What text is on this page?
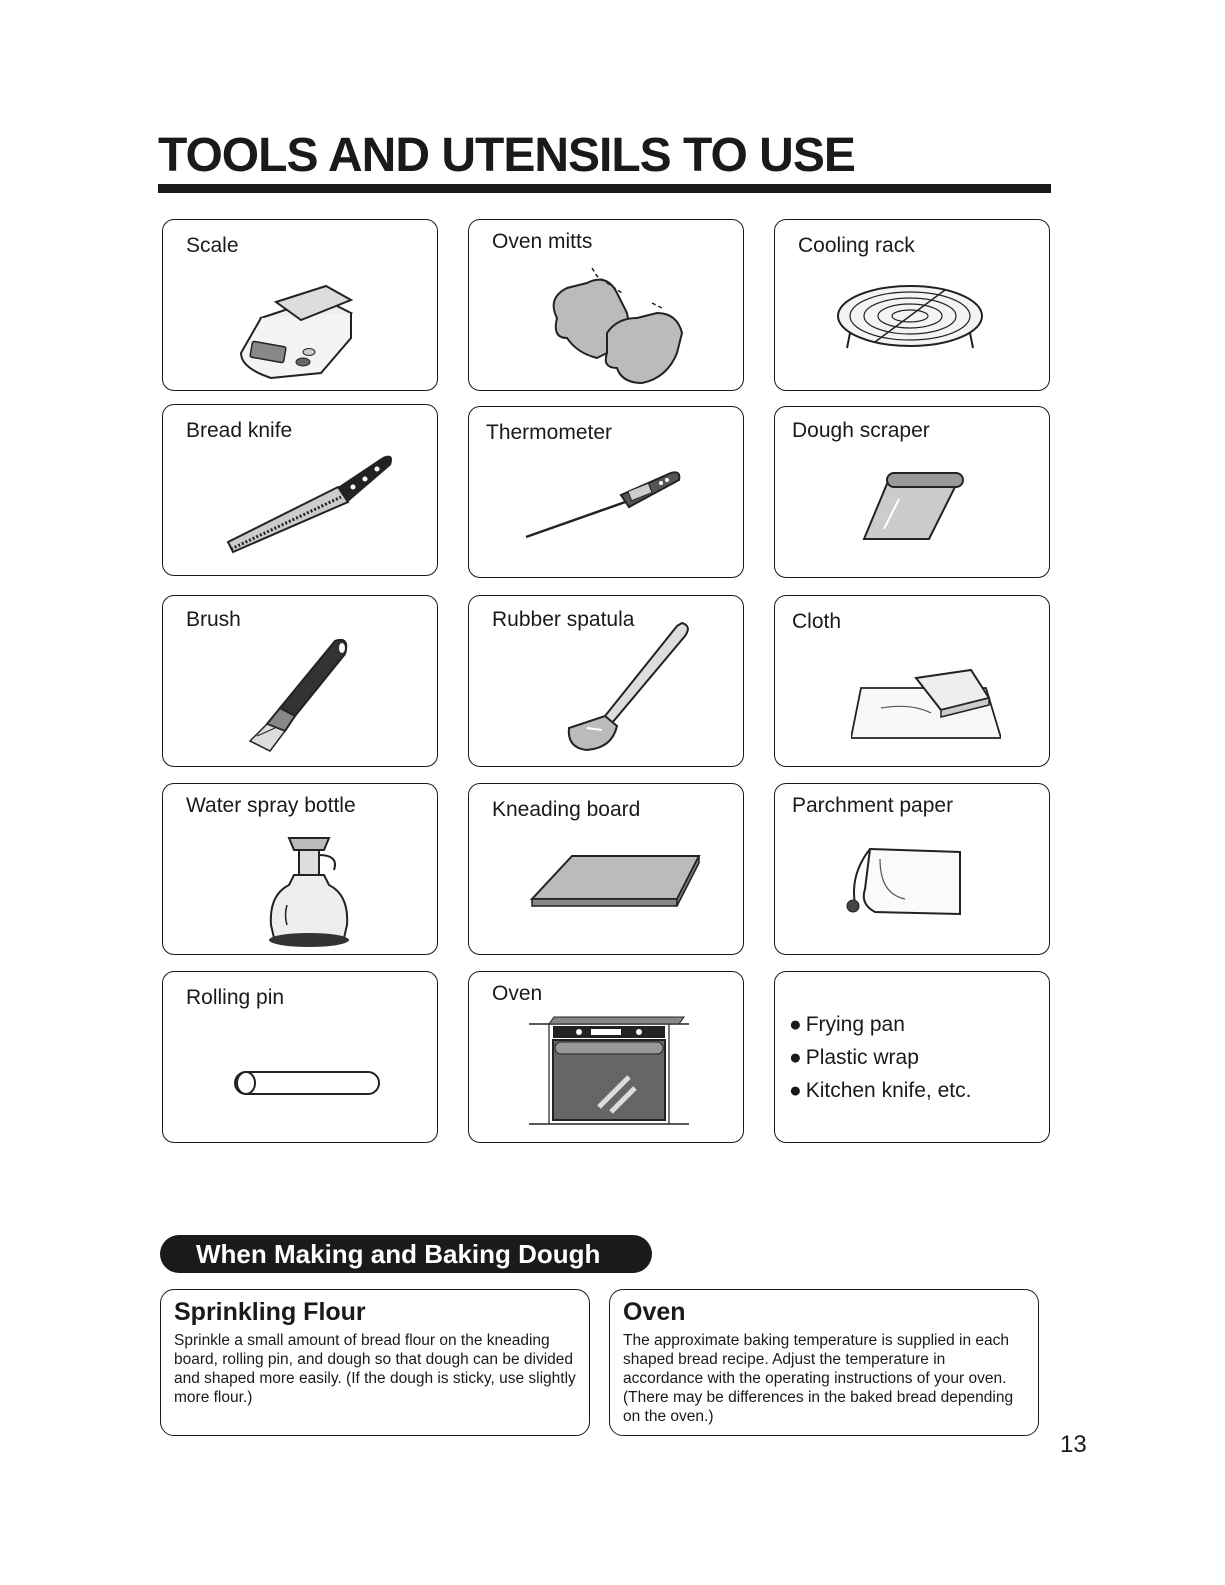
TOOLS AND UTENSILS TO USE

Scale	Oven mitts	Cooling rack

Bread knife	Thermometer	Dough scraper

Brush	Rubber spatula	Cloth

Water spray bottle	Kneading board	Parchment paper

Rolling pin	Oven

● Frying pan
● Plastic wrap
● Kitchen knife, etc.
When Making and Baking Dough

Sprinkling Flour

Sprinkle a small amount of bread flour on the kneading board, rolling pin, and dough so that dough can be divided and shaped more easily. (If the dough is sticky, use slightly more flour.)

Oven

The approximate baking temperature is supplied in each shaped bread recipe. Adjust the temperature in accordance with the operating instructions of your oven. (There may be differences in the baked bread depending on the oven.)

13
